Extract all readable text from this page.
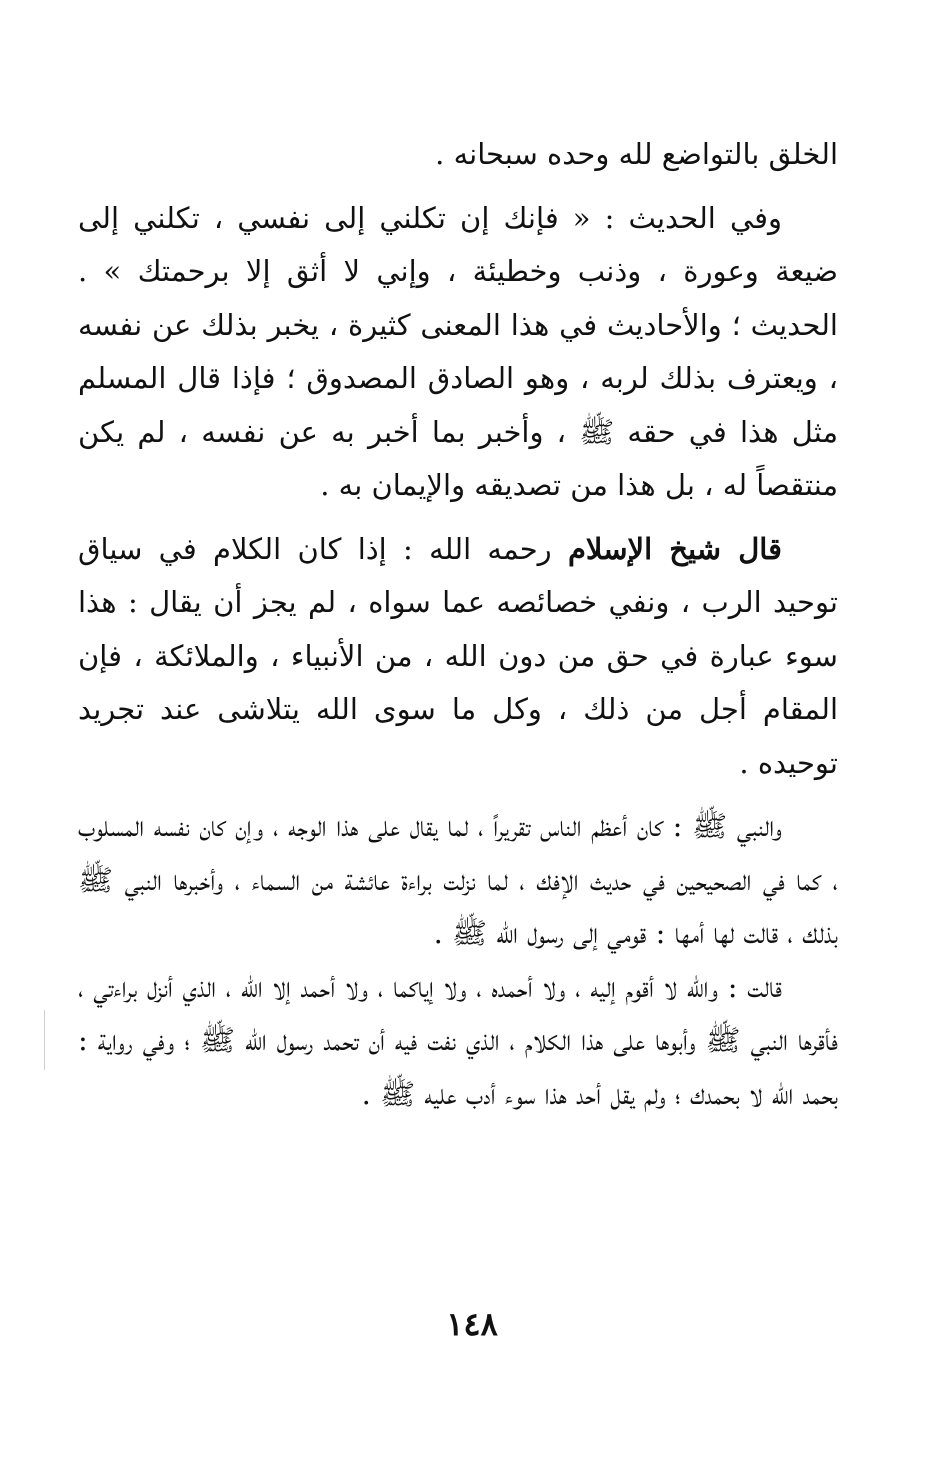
الخلق بالتواضع لله وحده سبحانه .

وفي الحديث : « فإنك إن تكلني إلى نفسي ، تكلني إلى ضيعة وعورة ، وذنب وخطيئة ، وإني لا أثق إلا برحمتك » . الحديث ؛ والأحاديث في هذا المعنى كثيرة ، يخبر بذلك عن نفسه ، ويعترف بذلك لربه ، وهو الصادق المصدوق ؛ فإذا قال المسلم مثل هذا في حقه ﷺ ، وأخبر بما أخبر به عن نفسه ، لم يكن منتقصاً له ، بل هذا من تصديقه والإيمان به .

قال شيخ الإسلام رحمه الله : إذا كان الكلام في سياق توحيد الرب ، ونفي خصائصه عما سواه ، لم يجز أن يقال : هذا سوء عبارة في حق من دون الله ، من الأنبياء ، والملائكة ، فإن المقام أجل من ذلك ، وكل ما سوى الله يتلاشى عند تجريد توحيده .

والنبي ﷺ : كان أعظم الناس تقريراً ، لما يقال على هذا الوجه ، وإن كان نفسه المسلوب ، كما في الصحيحين في حديث الإفك ، لما نزلت براءة عائشة من السماء ، وأخبرها النبي ﷺ بذلك ، قالت لها أمها : قومي إلى رسول الله ﷺ .

قالت : والله لا أقوم إليه ، ولا أحمده ، ولا إياكما ، ولا أحمد إلا الله ، الذي أنزل براءتي ، فأقرها النبي ﷺ وأبوها على هذا الكلام ، الذي نفت فيه أن تحمد رسول الله ﷺ ؛ وفي رواية : بحمد الله لا بحمدك ؛ ولم يقل أحد هذا سوء أدب عليه ﷺ .

١٤٨
